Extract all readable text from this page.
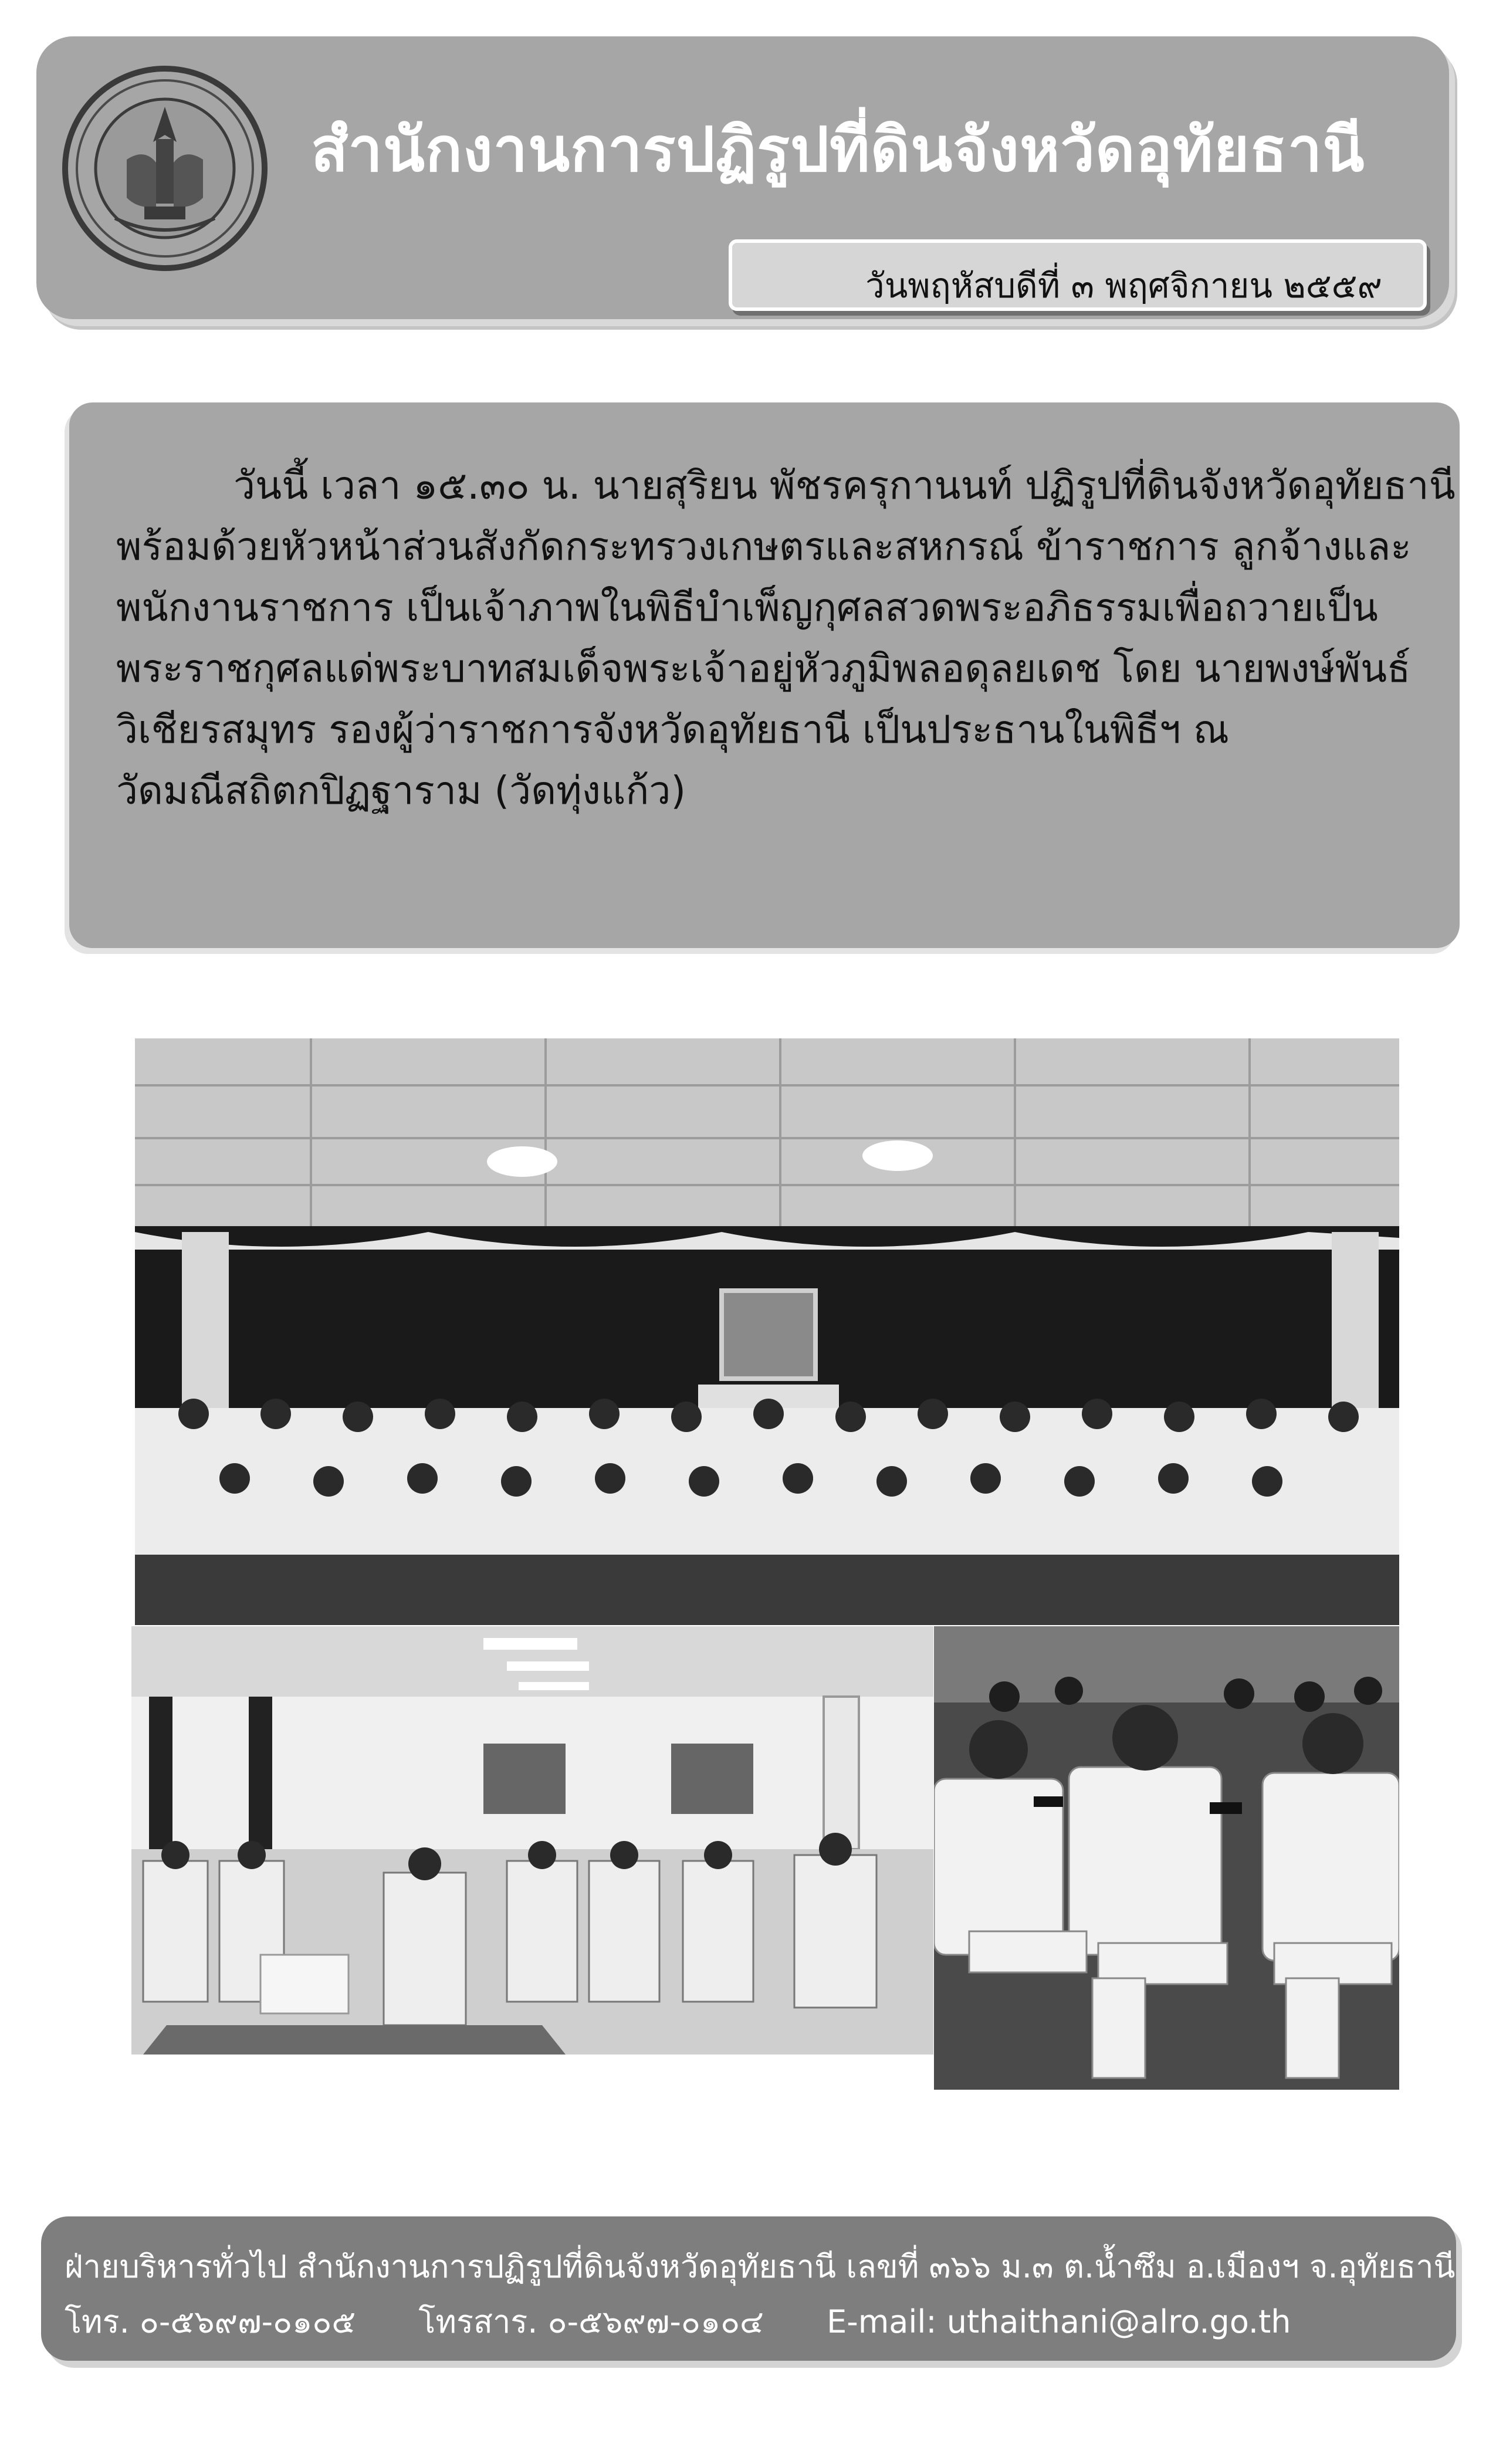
สำนักงานการปฏิรูปที่ดินจังหวัดอุทัยธานี
วันพฤหัสบดีที่ ๓ พฤศจิกายน ๒๕๕๙
วันนี้ เวลา ๑๕.๓๐ น. นายสุริยน พัชรครุกานนท์ ปฏิรูปที่ดินจังหวัดอุทัยธานี
พร้อมด้วยหัวหน้าส่วนสังกัดกระทรวงเกษตรและสหกรณ์ ข้าราชการ ลูกจ้างและ
พนักงานราชการ เป็นเจ้าภาพในพิธีบำเพ็ญกุศลสวดพระอภิธรรมเพื่อถวายเป็น
พระราชกุศลแด่พระบาทสมเด็จพระเจ้าอยู่หัวภูมิพลอดุลยเดช โดย นายพงษ์พันธ์
วิเชียรสมุทร รองผู้ว่าราชการจังหวัดอุทัยธานี เป็นประธานในพิธีฯ ณ
วัดมณีสถิตกปิฏฐาราม (วัดทุ่งแก้ว)
ฝ่ายบริหารทั่วไป สำนักงานการปฏิรูปที่ดินจังหวัดอุทัยธานี เลขที่ ๓๖๖ ม.๓ ต.น้ำซึม อ.เมืองฯ จ.อุทัยธานี
โทร. ๐-๕๖๙๗-๐๑๐๕ โทรสาร. ๐-๕๖๙๗-๐๑๐๔ E-mail: uthaithani@alro.go.th
